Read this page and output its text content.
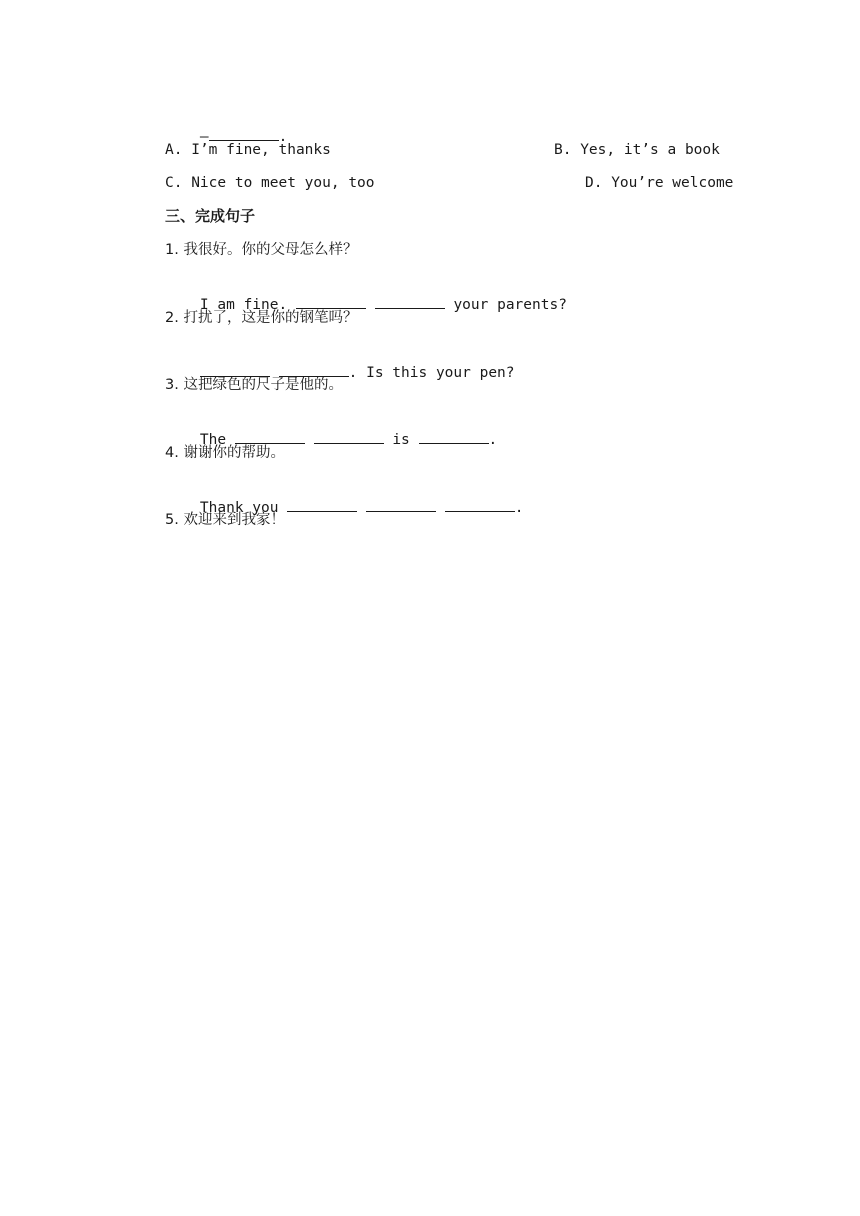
—	.

A. I’m fine, thanks	B. Yes, it’s a book
C. Nice to meet you, too	D. You’re welcome
三、完成句子
1. 我很好。你的父母怎么样？

I am fine.	your parents?

2. 打扰了，这是你的钢笔吗？

. Is this your pen?

3. 这把绿色的尺子是他的。

The	is	.

4. 谢谢你的帮助。

Thank you	.

5. 欢迎来到我家！
